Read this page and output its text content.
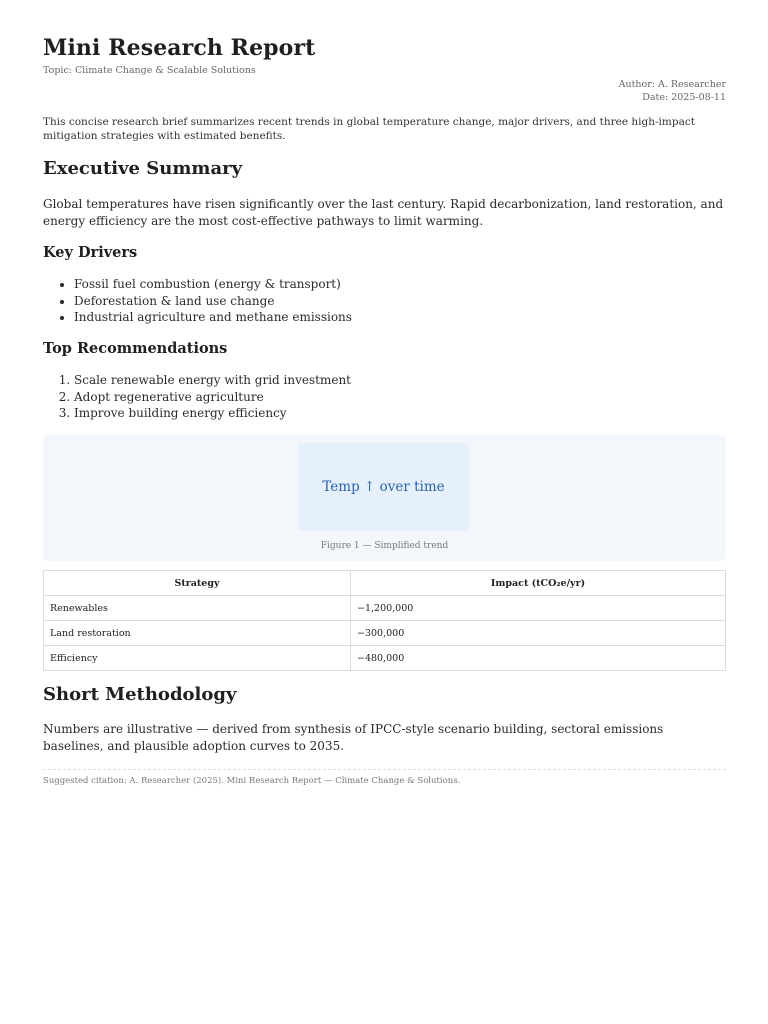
Mini Research Report
Topic: Climate Change & Scalable Solutions
Author: A. Researcher
Date: 2025-08-11

This concise research brief summarizes recent trends in global temperature change, major drivers, and three high-impact mitigation strategies with estimated benefits.

Executive Summary

Global temperatures have risen significantly over the last century. Rapid decarbonization, land restoration, and energy efficiency are the most cost-effective pathways to limit warming.

Key Drivers
• Fossil fuel combustion (energy & transport)
• Deforestation & land use change
• Industrial agriculture and methane emissions
Top Recommendations
1. Scale renewable energy with grid investment
2. Adopt regenerative agriculture
3. Improve building energy efficiency
Temp ↑ over time
Figure 1 — Simplified trend
Strategy	Impact (tCO₂e/yr)
Renewables	−1,200,000
Land restoration	−300,000
Efficiency	−480,000
Short Methodology

Numbers are illustrative — derived from synthesis of IPCC-style scenario building, sectoral emissions baselines, and plausible adoption curves to 2035.

Suggested citation: A. Researcher (2025). Mini Research Report — Climate Change & Solutions.
